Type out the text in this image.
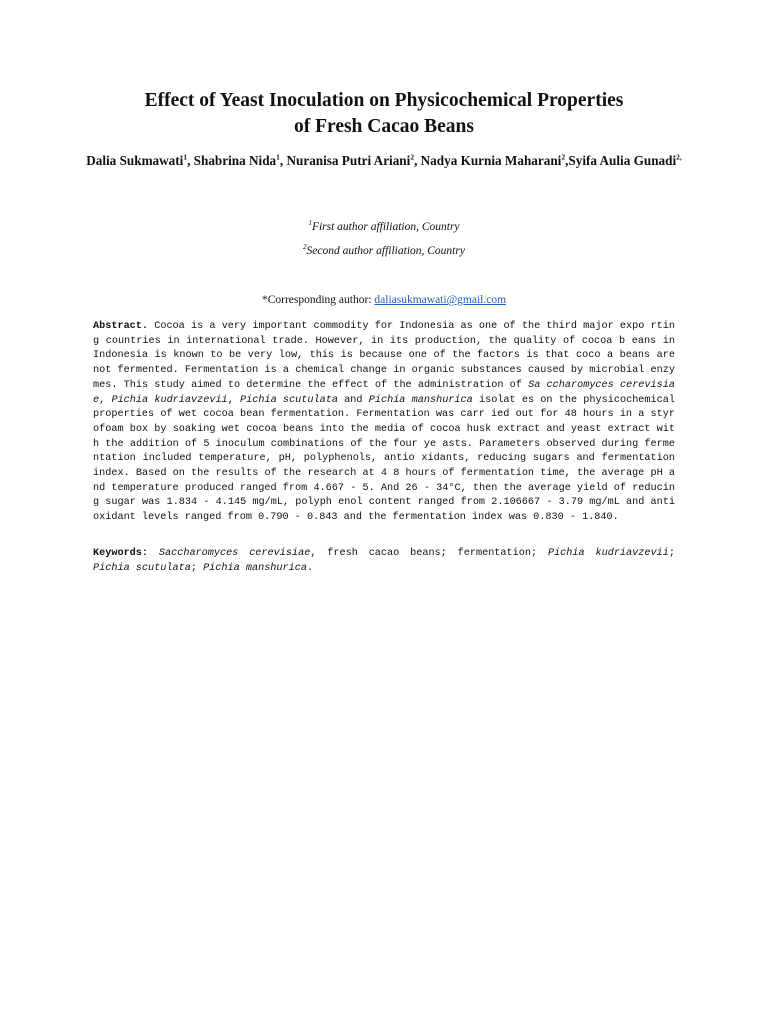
Effect of Yeast Inoculation on Physicochemical Properties
of Fresh Cacao Beans
Dalia Sukmawati$^1$, Shabrina Nida$^1$, Nuranisa Putri Ariani$^2$, Nadya Kurnia Maharani$^2$,Syifa Aulia Gunadi$^{2,}$
$^1$First author affiliation, Country
$^2$Second author affiliation, Country
*Corresponding author: daliasukmawati@gmail.com
Abstract. Cocoa is a very important commodity for Indonesia as one of the third major expo rting countries in international trade. However, in its production, the quality of cocoa b eans in Indonesia is known to be very low, this is because one of the factors is that coco a beans are not fermented. Fermentation is a chemical change in organic substances caused by microbial enzymes. This study aimed to determine the effect of the administration of Sa ccharomyces cerevisiae, Pichia kudriavzevii, Pichia scutulata and Pichia manshurica isolat es on the physicochemical properties of wet cocoa bean fermentation. Fermentation was carr ied out for 48 hours in a styrofoam box by soaking wet cocoa beans into the media of cocoa husk extract and yeast extract with the addition of 5 inoculum combinations of the four ye asts. Parameters observed during fermentation included temperature, pH, polyphenols, antio xidants, reducing sugars and fermentation index. Based on the results of the research at 4 8 hours of fermentation time, the average pH and temperature produced ranged from 4.667 - 5. And 26 - 34°C, then the average yield of reducing sugar was 1.834 - 4.145 mg/mL, polyph enol content ranged from 2.106667 - 3.79 mg/mL and antioxidant levels ranged from 0.790 - 0.843 and the fermentation index was 0.830 - 1.840.
Keywords: Saccharomyces cerevisiae, fresh cacao beans; fermentation; Pichia kudriavzevii; Pichia scutulata; Pichia manshurica.
